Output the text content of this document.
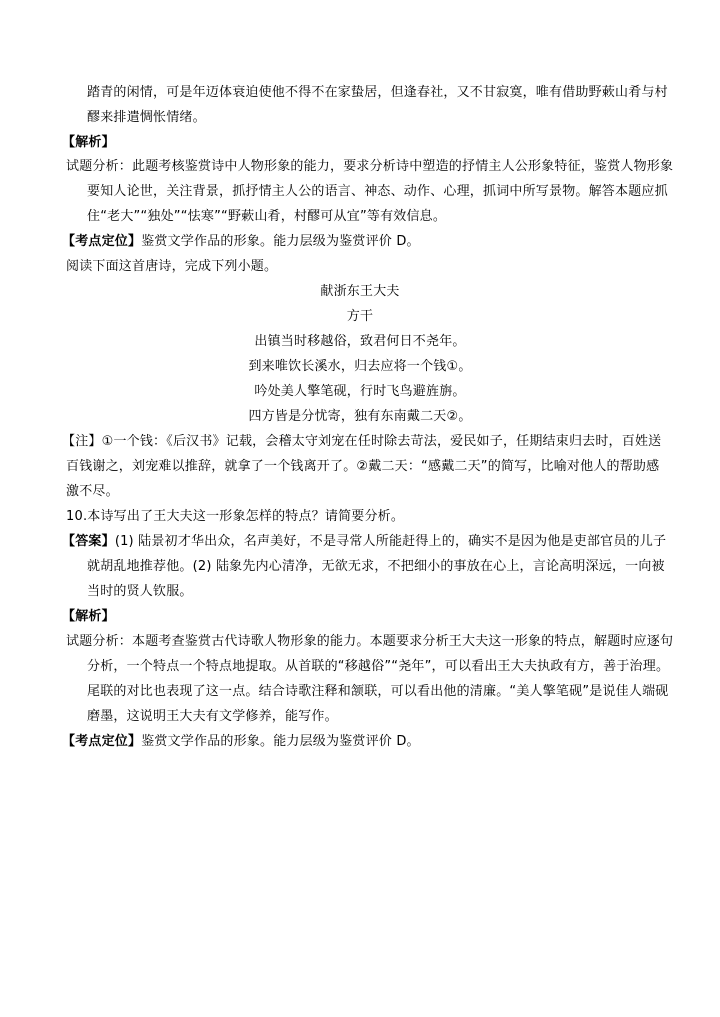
踏青的闲情，可是年迈体衰迫使他不得不在家蛰居，但逢春社，又不甘寂寞，唯有借助野蔌山肴与村
醪来排遣惆怅情绪。
【解析】
试题分析：此题考核鉴赏诗中人物形象的能力，要求分析诗中塑造的抒情主人公形象特征，鉴赏人物形象
要知人论世，关注背景，抓抒情主人公的语言、神态、动作、心理，抓词中所写景物。解答本题应抓
住“老大”“独处”“怯寒”“野蔌山肴，村醪可从宜”等有效信息。
【考点定位】鉴赏文学作品的形象。能力层级为鉴赏评价 D。
阅读下面这首唐诗，完成下列小题。
献浙东王大夫
方干
出镇当时移越俗，致君何日不尧年。
到来唯饮长溪水，归去应将一个钱①。
吟处美人擎笔砚，行时飞鸟避旌旃。
四方皆是分忧寄，独有东南戴二天②。
【注】①一个钱：《后汉书》记载，会稽太守刘宠在任时除去苛法，爱民如子，任期结束归去时，百姓送
百钱谢之，刘宠难以推辞，就拿了一个钱离开了。②戴二天：“感戴二天”的简写，比喻对他人的帮助感
激不尽。
10.本诗写出了王大夫这一形象怎样的特点？请简要分析。
【答案】(1) 陆景初才华出众，名声美好，不是寻常人所能赶得上的，确实不是因为他是吏部官员的儿子
就胡乱地推荐他。(2) 陆象先内心清净，无欲无求，不把细小的事放在心上，言论高明深远，一向被
当时的贤人钦服。
【解析】
试题分析：本题考查鉴赏古代诗歌人物形象的能力。本题要求分析王大夫这一形象的特点，解题时应逐句
分析，一个特点一个特点地提取。从首联的“移越俗”“尧年”，可以看出王大夫执政有方，善于治理。
尾联的对比也表现了这一点。结合诗歌注释和颔联，可以看出他的清廉。“美人擎笔砚”是说佳人端砚
磨墨，这说明王大夫有文学修养，能写作。
【考点定位】鉴赏文学作品的形象。能力层级为鉴赏评价 D。
